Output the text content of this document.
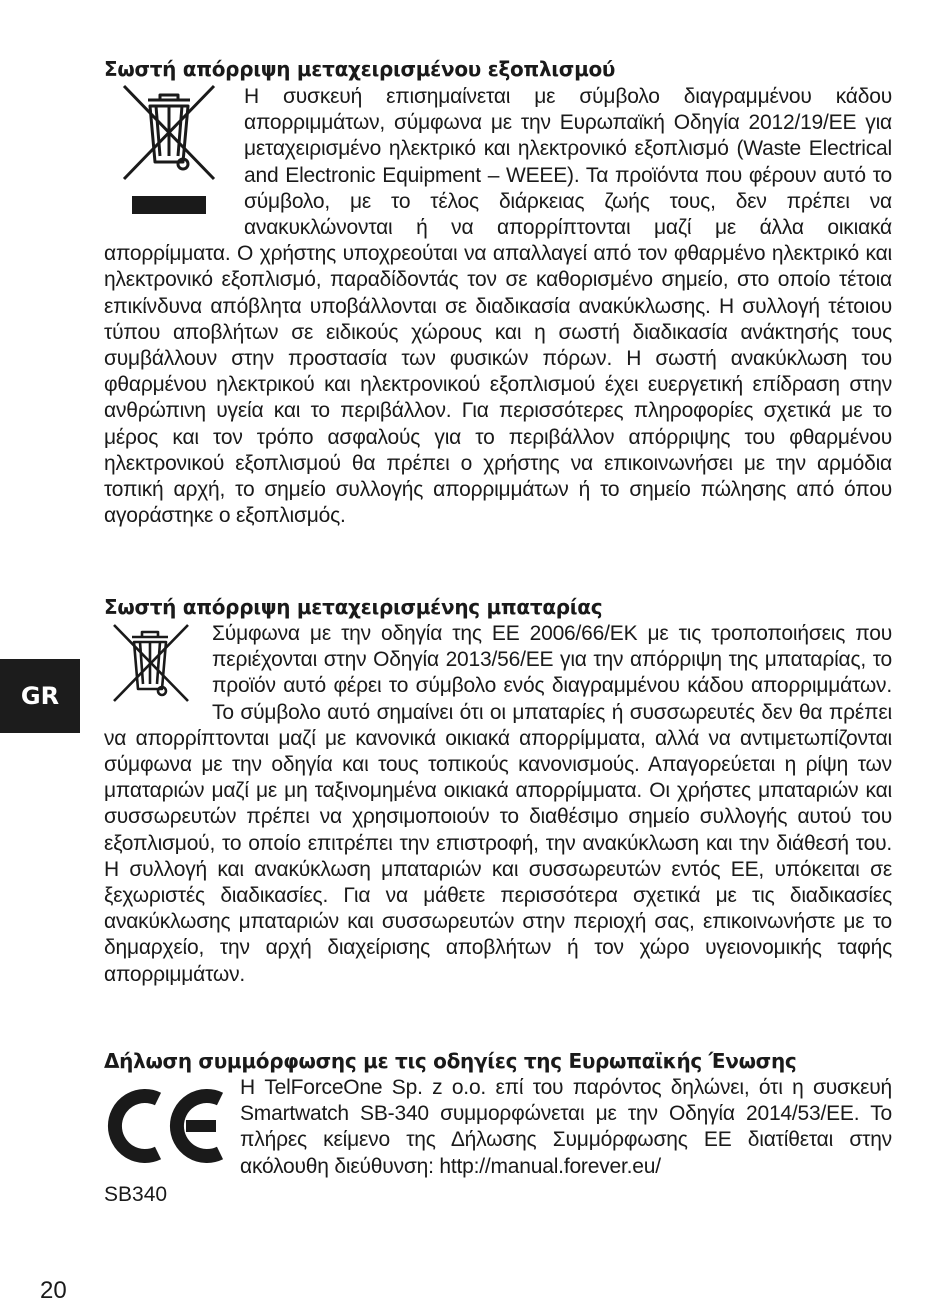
Σωστή απόρριψη μεταχειρισμένου εξοπλισμού

Η συσκευή επισημαίνεται με σύμβολο διαγραμμένου κάδου απορριμμάτων, σύμφωνα με την Ευρωπαϊκή Οδηγία 2012/19/ΕΕ για μεταχειρισμένο ηλεκτρικό και ηλεκτρονικό εξοπλισμό (Waste Electrical and Electronic Equipment – WEEE). Τα προϊόντα που φέρουν αυτό το σύμβολο, με το τέλος διάρκειας ζωής τους, δεν πρέπει να ανακυκλώνονται ή να απορρίπτονται μαζί με άλλα οικιακά απορρίμματα. Ο χρήστης υποχρεούται να απαλλαγεί από τον φθαρμένο ηλεκτρικό και ηλεκτρονικό εξοπλισμό, παραδίδοντάς τον σε καθορισμένο σημείο, στο οποίο τέτοια επικίνδυνα απόβλητα υποβάλλονται σε διαδικασία ανακύκλωσης. Η συλλογή τέτοιου τύπου αποβλήτων σε ειδικούς χώρους και η σωστή διαδικασία ανάκτησής τους συμβάλλουν στην προστασία των φυσικών πόρων. Η σωστή ανακύκλωση του φθαρμένου ηλεκτρικού και ηλεκτρονικού εξοπλισμού έχει ευεργετική επίδραση στην ανθρώπινη υγεία και το περιβάλλον. Για περισσότερες πληροφορίες σχετικά με το μέρος και τον τρόπο ασφαλούς για το περιβάλλον απόρριψης του φθαρμένου ηλεκτρονικού εξοπλισμού θα πρέπει ο χρήστης να επικοινωνήσει με την αρμόδια τοπική αρχή, το σημείο συλλογής απορριμμάτων ή το σημείο πώλησης από όπου αγοράστηκε ο εξοπλισμός.

Σωστή απόρριψη μεταχειρισμένης μπαταρίας

Σύμφωνα με την οδηγία της ΕΕ 2006/66/ΕΚ με τις τροποποιήσεις που περιέχονται στην Οδηγία 2013/56/ΕΕ για την απόρριψη της μπαταρίας, το προϊόν αυτό φέρει το σύμβολο ενός διαγραμμένου κάδου απορριμμάτων. Το σύμβολο αυτό σημαίνει ότι οι μπαταρίες ή συσσωρευτές δεν θα πρέπει να απορρίπτονται μαζί με κανονικά οικιακά απορρίμματα, αλλά να αντιμετωπίζονται σύμφωνα με την οδηγία και τους τοπικούς κανονισμούς. Απαγορεύεται η ρίψη των μπαταριών μαζί με μη ταξινομημένα οικιακά απορρίμματα. Οι χρήστες μπαταριών και συσσωρευτών πρέπει να χρησιμοποιούν το διαθέσιμο σημείο συλλογής αυτού του εξοπλισμού, το οποίο επιτρέπει την επιστροφή, την ανακύκλωση και την διάθεσή του. Η συλλογή και ανακύκλωση μπαταριών και συσσωρευτών εντός ΕΕ, υπόκειται σε ξεχωριστές διαδικασίες. Για να μάθετε περισσότερα σχετικά με τις διαδικασίες ανακύκλωσης μπαταριών και συσσωρευτών στην περιοχή σας, επικοινωνήστε με το δημαρχείο, την αρχή διαχείρισης αποβλήτων ή τον χώρο υγειονομικής ταφής απορριμμάτων.

Δήλωση συμμόρφωσης με τις οδηγίες της Ευρωπαϊκής Ένωσης

Η TelForceOne Sp. z o.o. επί του παρόντος δηλώνει, ότι η συσκευή Smartwatch SB-340 συμμορφώνεται με την Οδηγία 2014/53/ΕΕ. Το πλήρες κείμενο της Δήλωσης Συμμόρφωσης ΕΕ διατίθεται στην ακόλουθη διεύθυνση: http://manual.forever.eu/

SB340
GR
20
